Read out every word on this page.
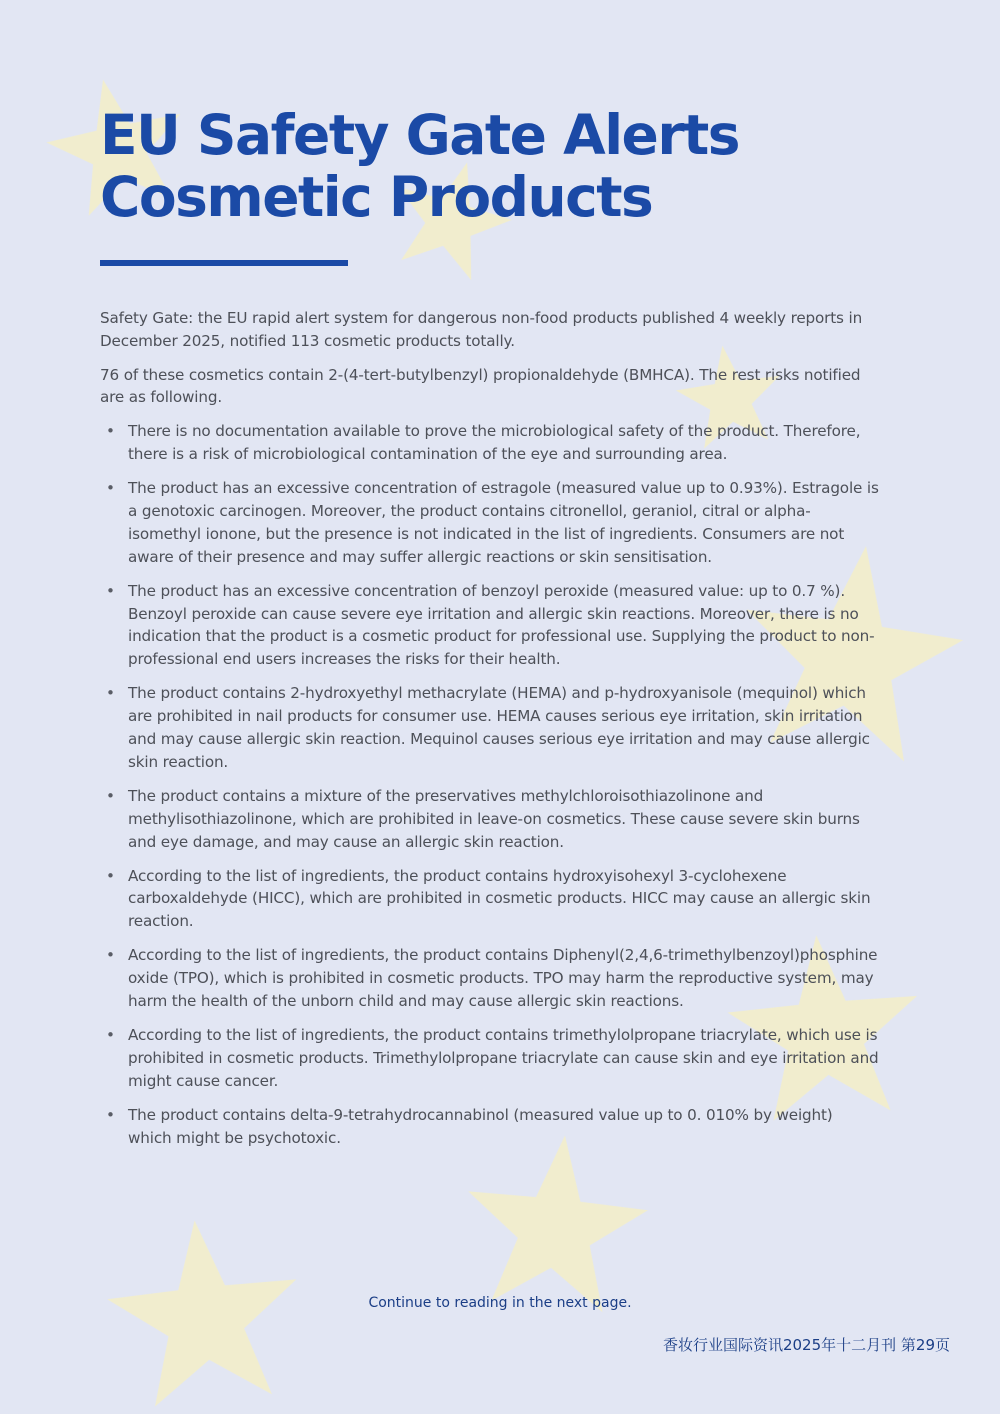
EU Safety Gate Alerts
Cosmetic Products

Safety Gate: the EU rapid alert system for dangerous non-food products published 4 weekly reports in December 2025, notified 113 cosmetic products totally.

76 of these cosmetics contain 2-(4-tert-butylbenzyl) propionaldehyde (BMHCA). The rest risks notified are as following.

• There is no documentation available to prove the microbiological safety of the product. Therefore, there is a risk of microbiological contamination of the eye and surrounding area.
• The product has an excessive concentration of estragole (measured value up to 0.93%). Estragole is a genotoxic carcinogen. Moreover, the product contains citronellol, geraniol, citral or alpha-isomethyl ionone, but the presence is not indicated in the list of ingredients. Consumers are not aware of their presence and may suffer allergic reactions or skin sensitisation.
• The product has an excessive concentration of benzoyl peroxide (measured value: up to 0.7 %). Benzoyl peroxide can cause severe eye irritation and allergic skin reactions. Moreover, there is no indication that the product is a cosmetic product for professional use. Supplying the product to non-professional end users increases the risks for their health.
• The product contains 2-hydroxyethyl methacrylate (HEMA) and p-hydroxyanisole (mequinol) which are prohibited in nail products for consumer use. HEMA causes serious eye irritation, skin irritation and may cause allergic skin reaction. Mequinol causes serious eye irritation and may cause allergic skin reaction.
• The product contains a mixture of the preservatives methylchloroisothiazolinone and methylisothiazolinone, which are prohibited in leave-on cosmetics. These cause severe skin burns and eye damage, and may cause an allergic skin reaction.
• According to the list of ingredients, the product contains hydroxyisohexyl 3-cyclohexene carboxaldehyde (HICC), which are prohibited in cosmetic products. HICC may cause an allergic skin reaction.
• According to the list of ingredients, the product contains Diphenyl(2,4,6-trimethylbenzoyl)phosphine oxide (TPO), which is prohibited in cosmetic products. TPO may harm the reproductive system, may harm the health of the unborn child and may cause allergic skin reactions.
• According to the list of ingredients, the product contains trimethylolpropane triacrylate, which use is prohibited in cosmetic products. Trimethylolpropane triacrylate can cause skin and eye irritation and might cause cancer.
• The product contains delta-9-tetrahydrocannabinol (measured value up to 0. 010% by weight) which might be psychotoxic.
Continue to reading in the next page.
香妆行业国际资讯2025年十二月刊 第29页
